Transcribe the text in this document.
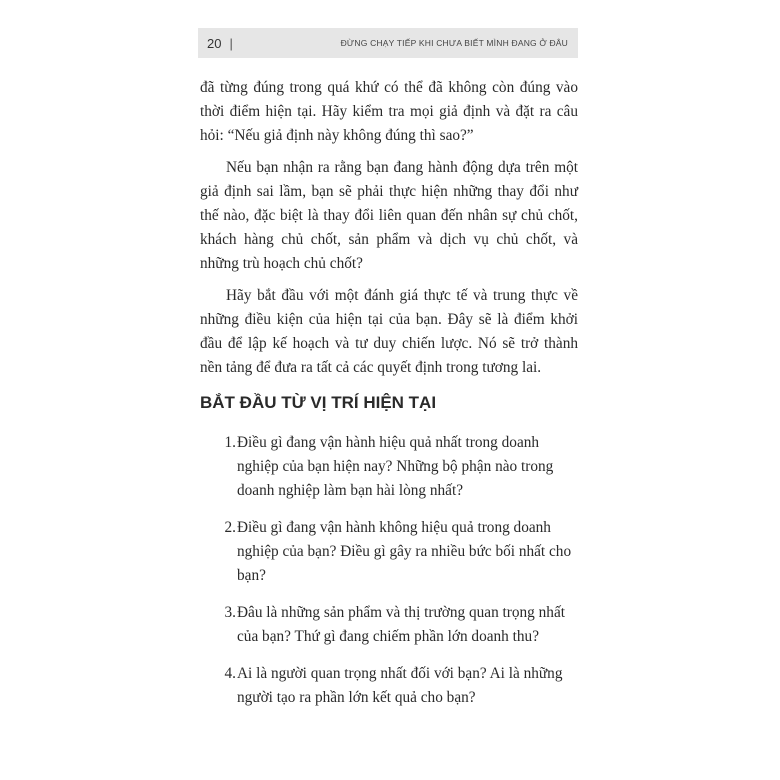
20 |	ĐỪNG CHẠY TIẾP KHI CHƯA BIẾT MÌNH ĐANG Ở ĐÂU

đã từng đúng trong quá khứ có thể đã không còn đúng vào thời điểm hiện tại. Hãy kiểm tra mọi giả định và đặt ra câu hỏi: “Nếu giả định này không đúng thì sao?”

Nếu bạn nhận ra rằng bạn đang hành động dựa trên một giả định sai lầm, bạn sẽ phải thực hiện những thay đổi như thế nào, đặc biệt là thay đổi liên quan đến nhân sự chủ chốt, khách hàng chủ chốt, sản phẩm và dịch vụ chủ chốt, và những trù hoạch chủ chốt?

Hãy bắt đầu với một đánh giá thực tế và trung thực về những điều kiện của hiện tại của bạn. Đây sẽ là điểm khởi đầu để lập kế hoạch và tư duy chiến lược. Nó sẽ trở thành nền tảng để đưa ra tất cả các quyết định trong tương lai.

BẮT ĐẦU TỪ VỊ TRÍ HIỆN TẠI
1. Điều gì đang vận hành hiệu quả nhất trong doanh nghiệp của bạn hiện nay? Những bộ phận nào trong doanh nghiệp làm bạn hài lòng nhất?
2. Điều gì đang vận hành không hiệu quả trong doanh nghiệp của bạn? Điều gì gây ra nhiều bức bối nhất cho bạn?
3. Đâu là những sản phẩm và thị trường quan trọng nhất của bạn? Thứ gì đang chiếm phần lớn doanh thu?
4. Ai là người quan trọng nhất đối với bạn? Ai là những người tạo ra phần lớn kết quả cho bạn?
